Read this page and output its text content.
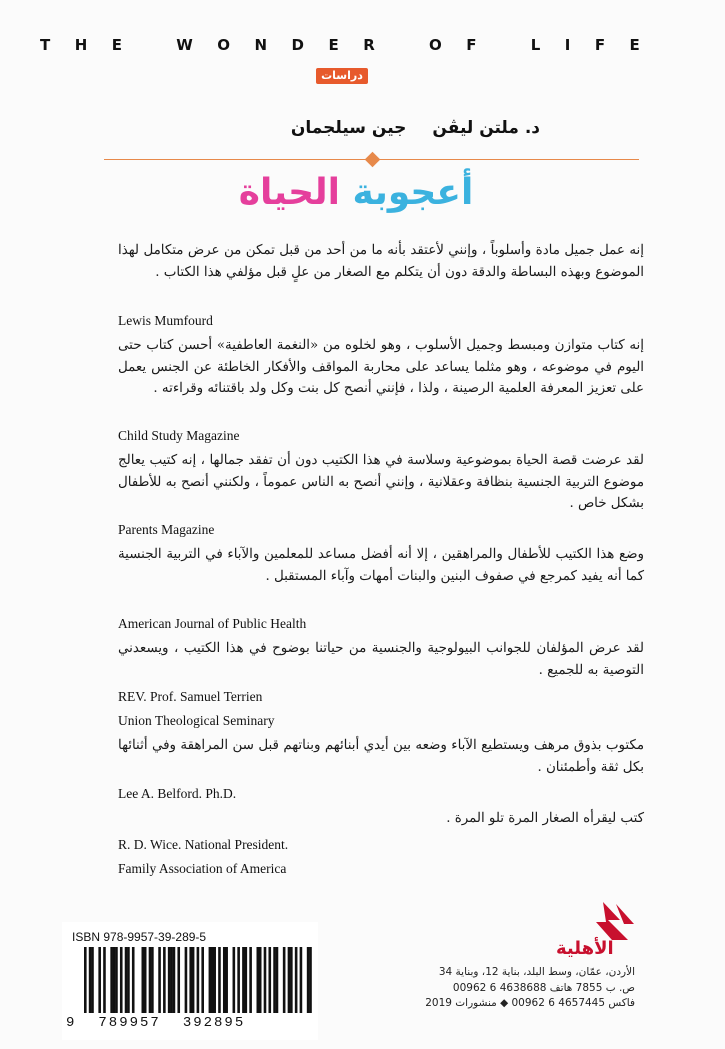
T H E
	W O N D E R
	O F
	L I F E
دراسات
د. ملتن ليڤن
جين سيلجمان
أعجوبة الحياة

إنه عمل جميل مادة وأسلوباً ، وإنني لأعتقد بأنه ما من أحد من قبل تمكن من عرض متكامل لهذا الموضوع وبهذه البساطة والدقة دون أن يتكلم مع الصغار من علٍ قبل مؤلفي هذا الكتاب .

Lewis Mumfourd

إنه كتاب متوازن ومبسط وجميل الأسلوب ، وهو لخلوه من «النغمة العاطفية» أحسن كتاب حتى اليوم في موضوعه ، وهو مثلما يساعد على محاربة المواقف والأفكار الخاطئة عن الجنس يعمل على تعزيز المعرفة العلمية الرصينة ، ولذا ، فإنني أنصح كل بنت وكل ولد باقتنائه وقراءته .

Child Study Magazine

لقد عرضت قصة الحياة بموضوعية وسلاسة في هذا الكتيب دون أن تفقد جمالها ، إنه كتيب يعالج موضوع التربية الجنسية بنظافة وعقلانية ، وإنني أنصح به الناس عموماً ، ولكنني أنصح به للأطفال بشكل خاص .

Parents Magazine

وضع هذا الكتيب للأطفال والمراهقين ، إلا أنه أفضل مساعد للمعلمين والآباء في التربية الجنسية كما أنه يفيد كمرجع في صفوف البنين والبنات أمهات وآباء المستقبل .

American Journal of Public Health

لقد عرض المؤلفان للجوانب البيولوجية والجنسية من حياتنا بوضوح في هذا الكتيب ، ويسعدني التوصية به للجميع .

REV. Prof. Samuel Terrien
Union Theological Seminary

مكتوب بذوق مرهف ويستطيع الآباء وضعه بين أيدي أبنائهم وبناتهم قبل سن المراهقة وفي أثنائها بكل ثقة وأطمئنان .

Lee A. Belford. Ph.D.

كتب ليقرأه الصغار المرة تلو المرة .

R. D. Wice. National President.
Family Association of America
ISBN 978-9957-39-289-5
9 789957 392895
الأهلية
الأردن، عمّان، وسط البلد، بناية 12، وبناية 34
ص. ب 7855 هاتف 4638688 6 00962
فاكس 4657445 6 00962 ◆ منشورات 2019
